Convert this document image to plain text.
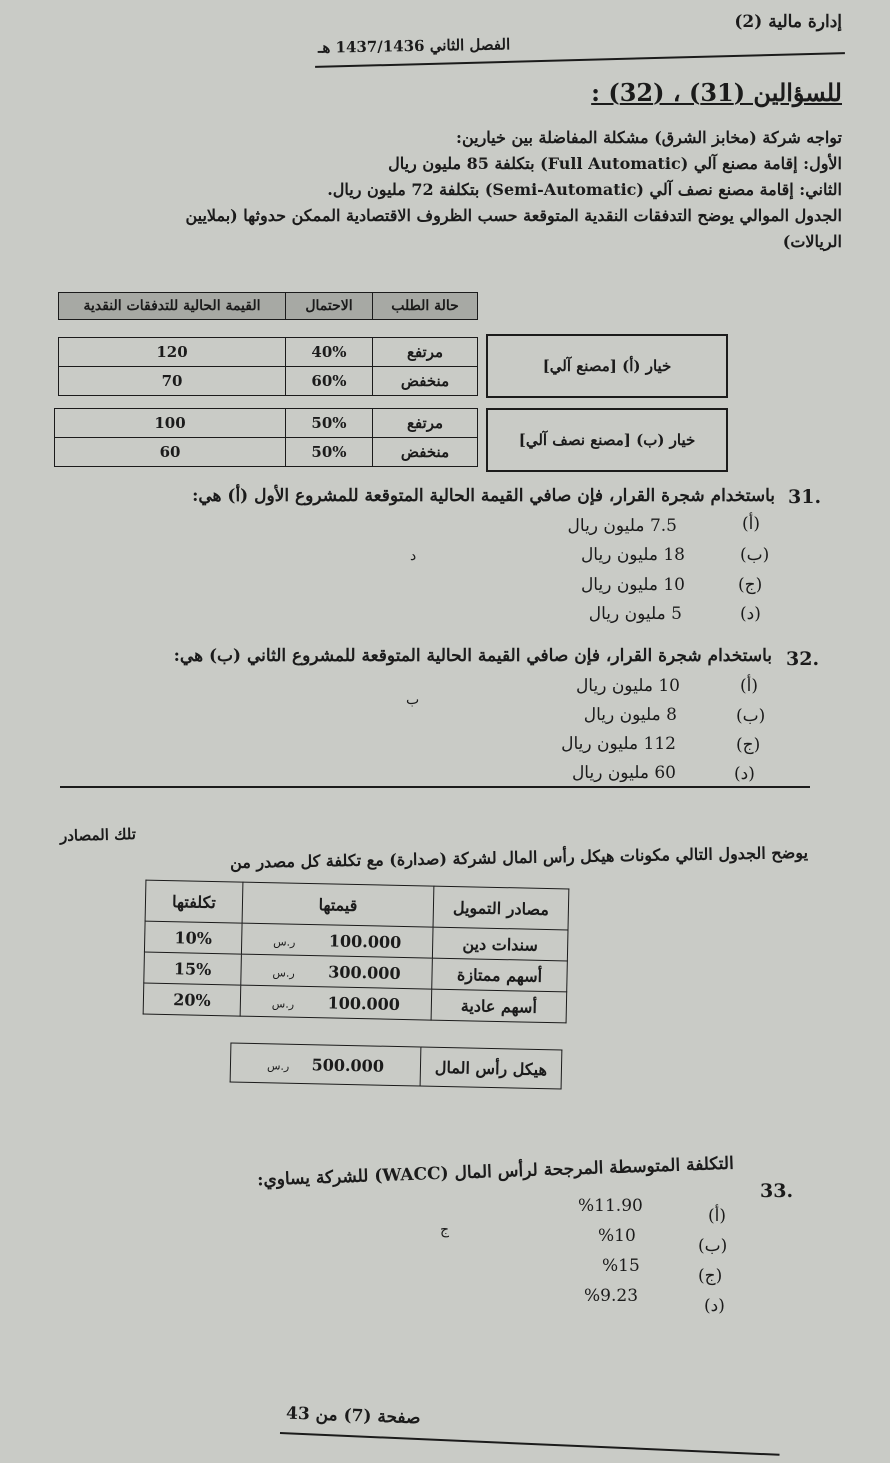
إدارة مالية (2)
الفصل الثاني 1437/1436 هـ
للسؤالين (31) ، (32) :
تواجه شركة (مخابز الشرق) مشكلة المفاضلة بين خيارين:
الأول: إقامة مصنع آلي (Full Automatic) بتكلفة 85 مليون ريال
الثاني: إقامة مصنع نصف آلي (Semi-Automatic) بتكلفة 72 مليون ريال.
الجدول الموالي يوضح التدفقات النقدية المتوقعة حسب الظروف الاقتصادية الممكن حدوثها (بملايين
الريالات)
حالة الطلب	الاحتمال	القيمة الحالية للتدفقات النقدية
مرتفع	40%	120
منخفض	60%	70
خيار (أ) [مصنع آلي]
مرتفع	50%	100
منخفض	50%	60
خيار (ب) [مصنع نصف آلي]
31.
باستخدام شجرة القرار، فإن صافي القيمة الحالية المتوقعة للمشروع الأول (أ) هي:
د
(أ)
7.5 مليون ريال
(ب)
18 مليون ريال
(ج)
10 مليون ريال
(د)
5 مليون ريال
32.
باستخدام شجرة القرار، فإن صافي القيمة الحالية المتوقعة للمشروع الثاني (ب) هي:
ب
(أ)
10 مليون ريال
(ب)
8 مليون ريال
(ج)
112 مليون ريال
(د)
60 مليون ريال
تلك المصادر
يوضح الجدول التالي مكونات هيكل رأس المال لشركة (صدارة) مع تكلفة كل مصدر من
مصادر التمويل	قيمتها	تكلفتها
سندات دين	100.000      ر.س	10%
أسهم ممتازة	300.000      ر.س	15%
أسهم عادية	100.000      ر.س	20%
هيكل رأس المال	500.000    ر.س
33.
التكلفة المتوسطة المرجحة لرأس المال (WACC) للشركة يساوي:
ج
(أ)
%11.90
(ب)
%10
(ج)
%15
(د)
%9.23
صفحة (7) من 43
